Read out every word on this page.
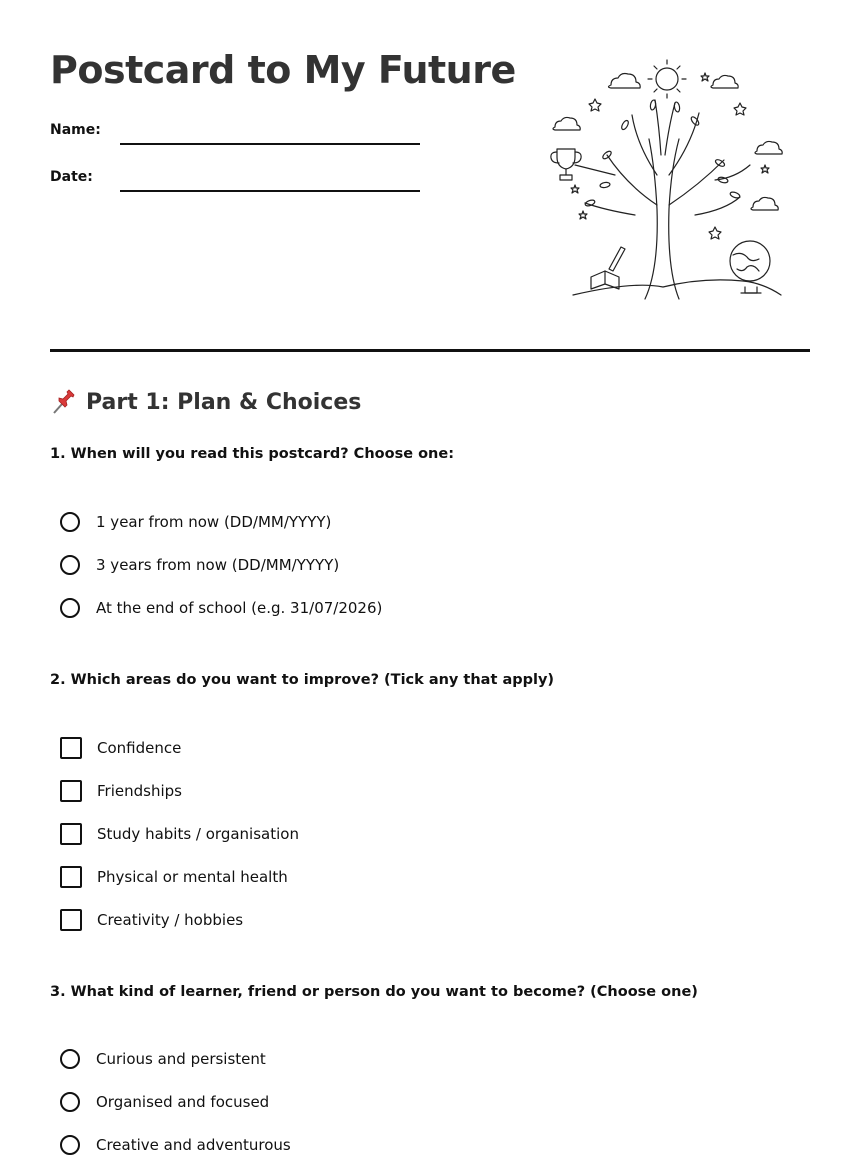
Postcard to My Future
Name:
Date:
Part 1: Plan & Choices

1. When will you read this postcard? Choose one:

1 year from now (DD/MM/YYYY)
3 years from now (DD/MM/YYYY)
At the end of school (e.g. 31/07/2026)

2. Which areas do you want to improve? (Tick any that apply)

Confidence
Friendships
Study habits / organisation
Physical or mental health
Creativity / hobbies

3. What kind of learner, friend or person do you want to become? (Choose one)

Curious and persistent
Organised and focused
Creative and adventurous
